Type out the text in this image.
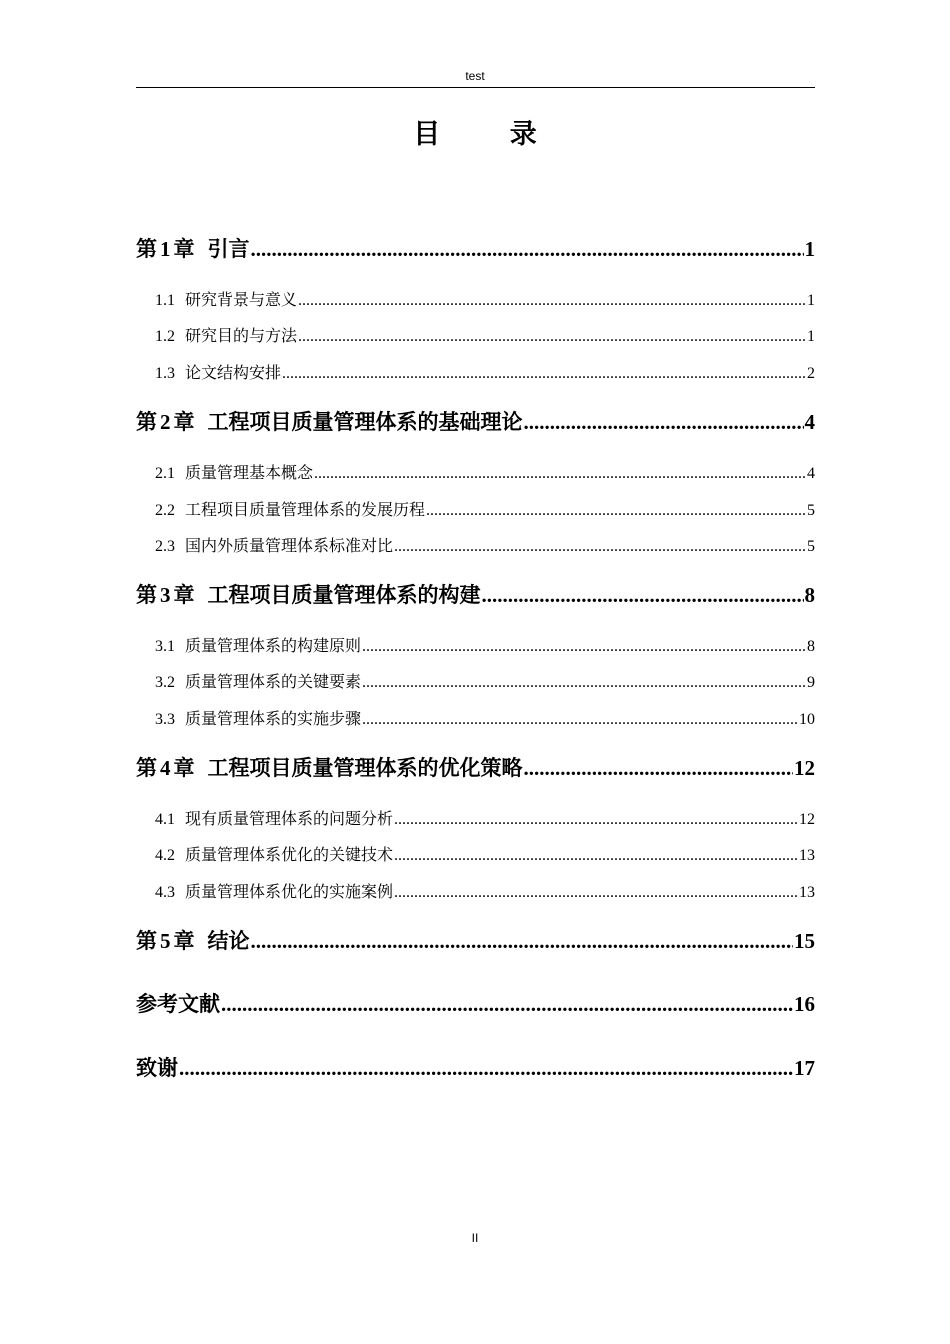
test
目 录
第 1 章 引言 .....	1
1.1 研究背景与意义 .....	1
1.2 研究目的与方法 .....	1
1.3 论文结构安排 .....	2
第 2 章 工程项目质量管理体系的基础理论 .....	4
2.1 质量管理基本概念 .....	4
2.2 工程项目质量管理体系的发展历程 .....	5
2.3 国内外质量管理体系标准对比 .....	5
第 3 章 工程项目质量管理体系的构建 .....	8
3.1 质量管理体系的构建原则 .....	8
3.2 质量管理体系的关键要素 .....	9
3.3 质量管理体系的实施步骤 .....	10
第 4 章 工程项目质量管理体系的优化策略 .....	12
4.1 现有质量管理体系的问题分析 .....	12
4.2 质量管理体系优化的关键技术 .....	13
4.3 质量管理体系优化的实施案例 .....	13
第 5 章 结论 .....	15
参考文献 .....	16
致谢 .....	17
II
